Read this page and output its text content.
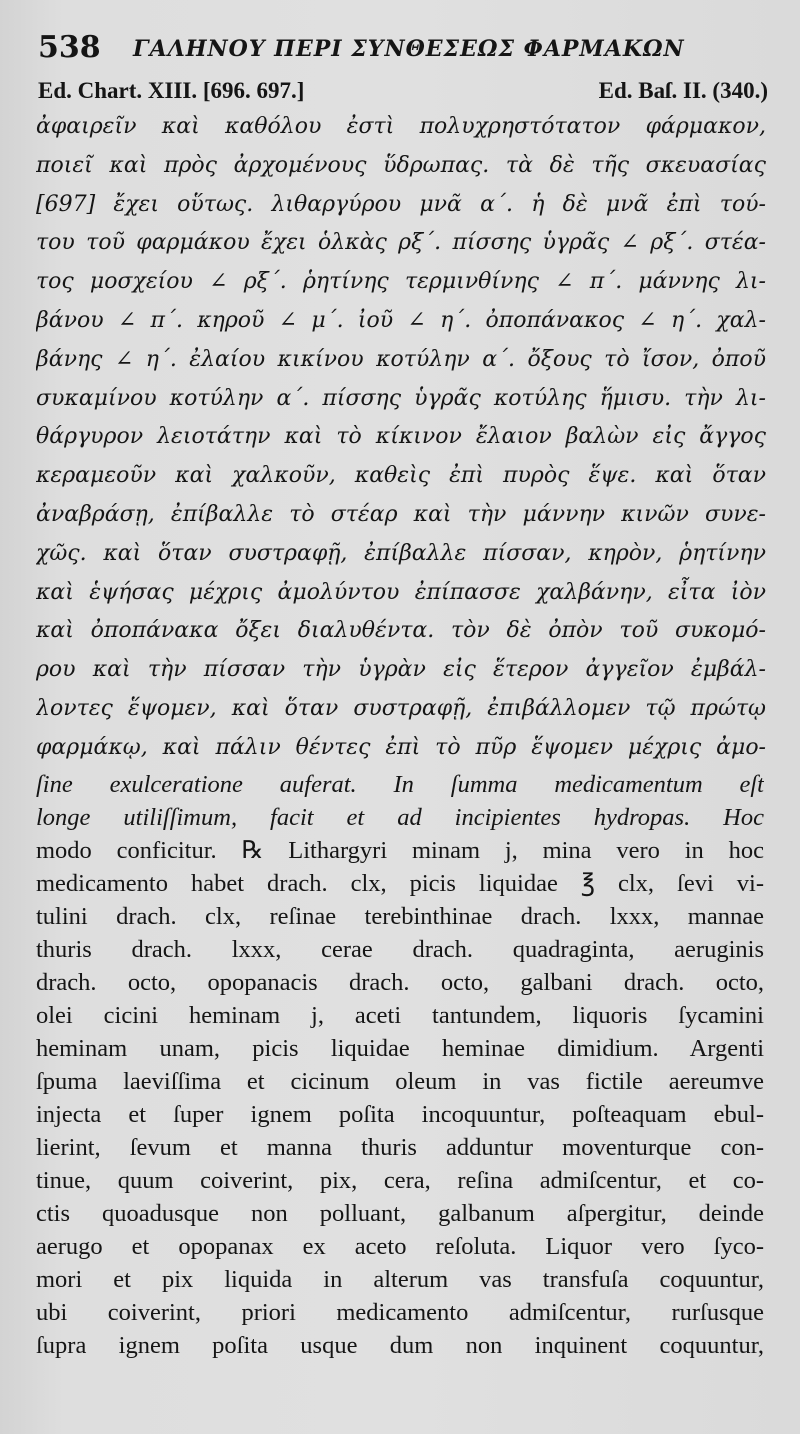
538 ΓΑΛΗΝΟΥ ΠΕΡΙ ΣΥΝΘΕΣΕΩΣ ΦΑΡΜΑΚΩΝ
Ed. Chart. XIII. [696. 697.]	Ed. Baſ. II. (340.)
ἀφαιρεῖν καὶ καθόλου ἐστὶ πολυχρηστότατον φάρμακον,
ποιεῖ καὶ πρὸς ἀρχομένους ὕδρωπας. τὰ δὲ τῆς σκευασίας
[697] ἔχει οὕτως. λιθαργύρου μνᾶ α΄. ἡ δὲ μνᾶ ἐπὶ τού-
του τοῦ φαρμάκου ἔχει ὁλκὰς ρξ΄. πίσσης ὑγρᾶς ∠ ρξ΄. στέα-
τος μοσχείου ∠ ρξ΄. ῥητίνης τερμινθίνης ∠ π΄. μάννης λι-
βάνου ∠ π΄. κηροῦ ∠ μ΄. ἰοῦ ∠ η΄. ὀποπάνακος ∠ η΄. χαλ-
βάνης ∠ η΄. ἐλαίου κικίνου κοτύλην α΄. ὄξους τὸ ἴσον, ὀποῦ
συκαμίνου κοτύλην α΄. πίσσης ὑγρᾶς κοτύλης ἥμισυ. τὴν λι-
θάργυρον λειοτάτην καὶ τὸ κίκινον ἔλαιον βαλὼν εἰς ἄγγος
κεραμεοῦν καὶ χαλκοῦν, καθεὶς ἐπὶ πυρὸς ἕψε. καὶ ὅταν
ἀναβράσῃ, ἐπίβαλλε τὸ στέαρ καὶ τὴν μάννην κινῶν συνε-
χῶς. καὶ ὅταν συστραφῇ, ἐπίβαλλε πίσσαν, κηρὸν, ῥητίνην
καὶ ἑψήσας μέχρις ἀμολύντου ἐπίπασσε χαλβάνην, εἶτα ἰὸν
καὶ ὀποπάνακα ὄξει διαλυθέντα. τὸν δὲ ὀπὸν τοῦ συκομό-
ρου καὶ τὴν πίσσαν τὴν ὑγρὰν εἰς ἕτερον ἀγγεῖον ἐμβάλ-
λοντες ἕψομεν, καὶ ὅταν συστραφῇ, ἐπιβάλλομεν τῷ πρώτῳ
φαρμάκῳ, καὶ πάλιν θέντες ἐπὶ τὸ πῦρ ἕψομεν μέχρις ἀμο-
ſine exulceratione auferat. In ſumma medicamentum eſt
longe utiliſſimum, facit et ad incipientes hydropas. Hoc
modo conficitur. ℞ Lithargyri minam j, mina vero in hoc
medicamento habet drach. clx, picis liquidae ℥ clx, ſevi vi-
tulini drach. clx, reſinae terebinthinae drach. lxxx, mannae
thuris drach. lxxx, cerae drach. quadraginta, aeruginis
drach. octo, opopanacis drach. octo, galbani drach. octo,
olei cicini heminam j, aceti tantundem, liquoris ſycamini
heminam unam, picis liquidae heminae dimidium. Argenti
ſpuma laeviſſima et cicinum oleum in vas fictile aereumve
injecta et ſuper ignem poſita incoquuntur, poſteaquam ebul-
lierint, ſevum et manna thuris adduntur moventurque con-
tinue, quum coiverint, pix, cera, reſina admiſcentur, et co-
ctis quoadusque non polluant, galbanum aſpergitur, deinde
aerugo et opopanax ex aceto reſoluta. Liquor vero ſyco-
mori et pix liquida in alterum vas transfuſa coquuntur,
ubi coiverint, priori medicamento admiſcentur, rurſusque
ſupra ignem poſita usque dum non inquinent coquuntur,
